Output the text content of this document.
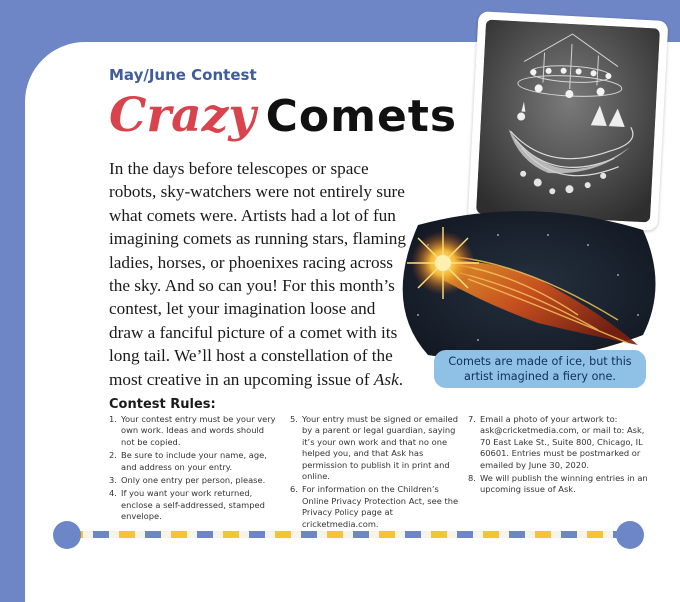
May/June Contest

Crazy Comets

In the days before telescopes or space robots, sky-watchers were not entirely sure what comets were. Artists had a lot of fun imagining comets as running stars, flaming ladies, horses, or phoenixes racing across the sky. And so can you! For this month’s contest, let your imagination loose and draw a fanciful picture of a comet with its long tail. We’ll host a constellation of the most creative in an upcoming issue of Ask.

Comets are made of ice, but this artist imagined a fiery one.
Contest Rules:
1. Your contest entry must be your very own work. Ideas and words should not be copied.
2. Be sure to include your name, age, and address on your entry.
3. Only one entry per person, please.
4. If you want your work returned, enclose a self-addressed, stamped envelope.
5. Your entry must be signed or emailed by a parent or legal guardian, saying it’s your own work and that no one helped you, and that Ask has permission to publish it in print and online.
6. For information on the Children’s Online Privacy Protection Act, see the Privacy Policy page at cricketmedia.com.
7. Email a photo of your artwork to: ask@cricketmedia.com, or mail to: Ask, 70 East Lake St., Suite 800, Chicago, IL 60601. Entries must be postmarked or emailed by June 30, 2020.
8. We will publish the winning entries in an upcoming issue of Ask.
